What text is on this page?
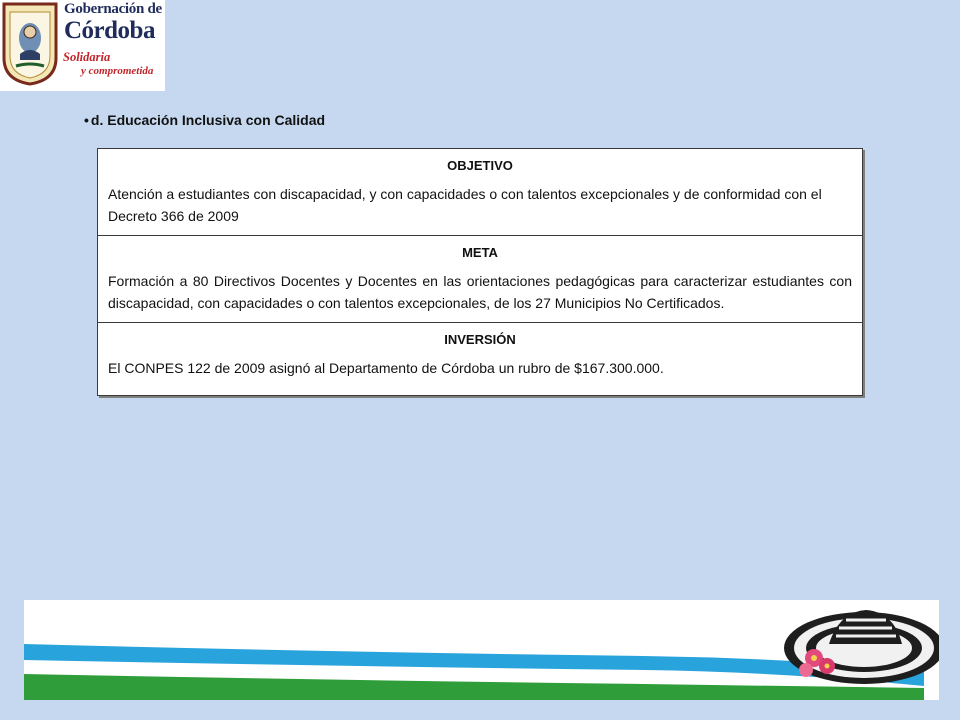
Gobernación de
Córdoba
Solidaria
y comprometida
• d. Educación Inclusiva con Calidad
OBJETIVO
Atención a estudiantes con discapacidad, y con capacidades o con talentos excepcionales y de conformidad con el Decreto 366 de 2009

META
Formación a 80 Directivos Docentes y Docentes en las orientaciones pedagógicas para caracterizar estudiantes con discapacidad, con capacidades o con talentos excepcionales, de los 27 Municipios No Certificados.

INVERSIÓN
El CONPES 122 de 2009 asignó al Departamento de Córdoba un rubro de $167.300.000.
